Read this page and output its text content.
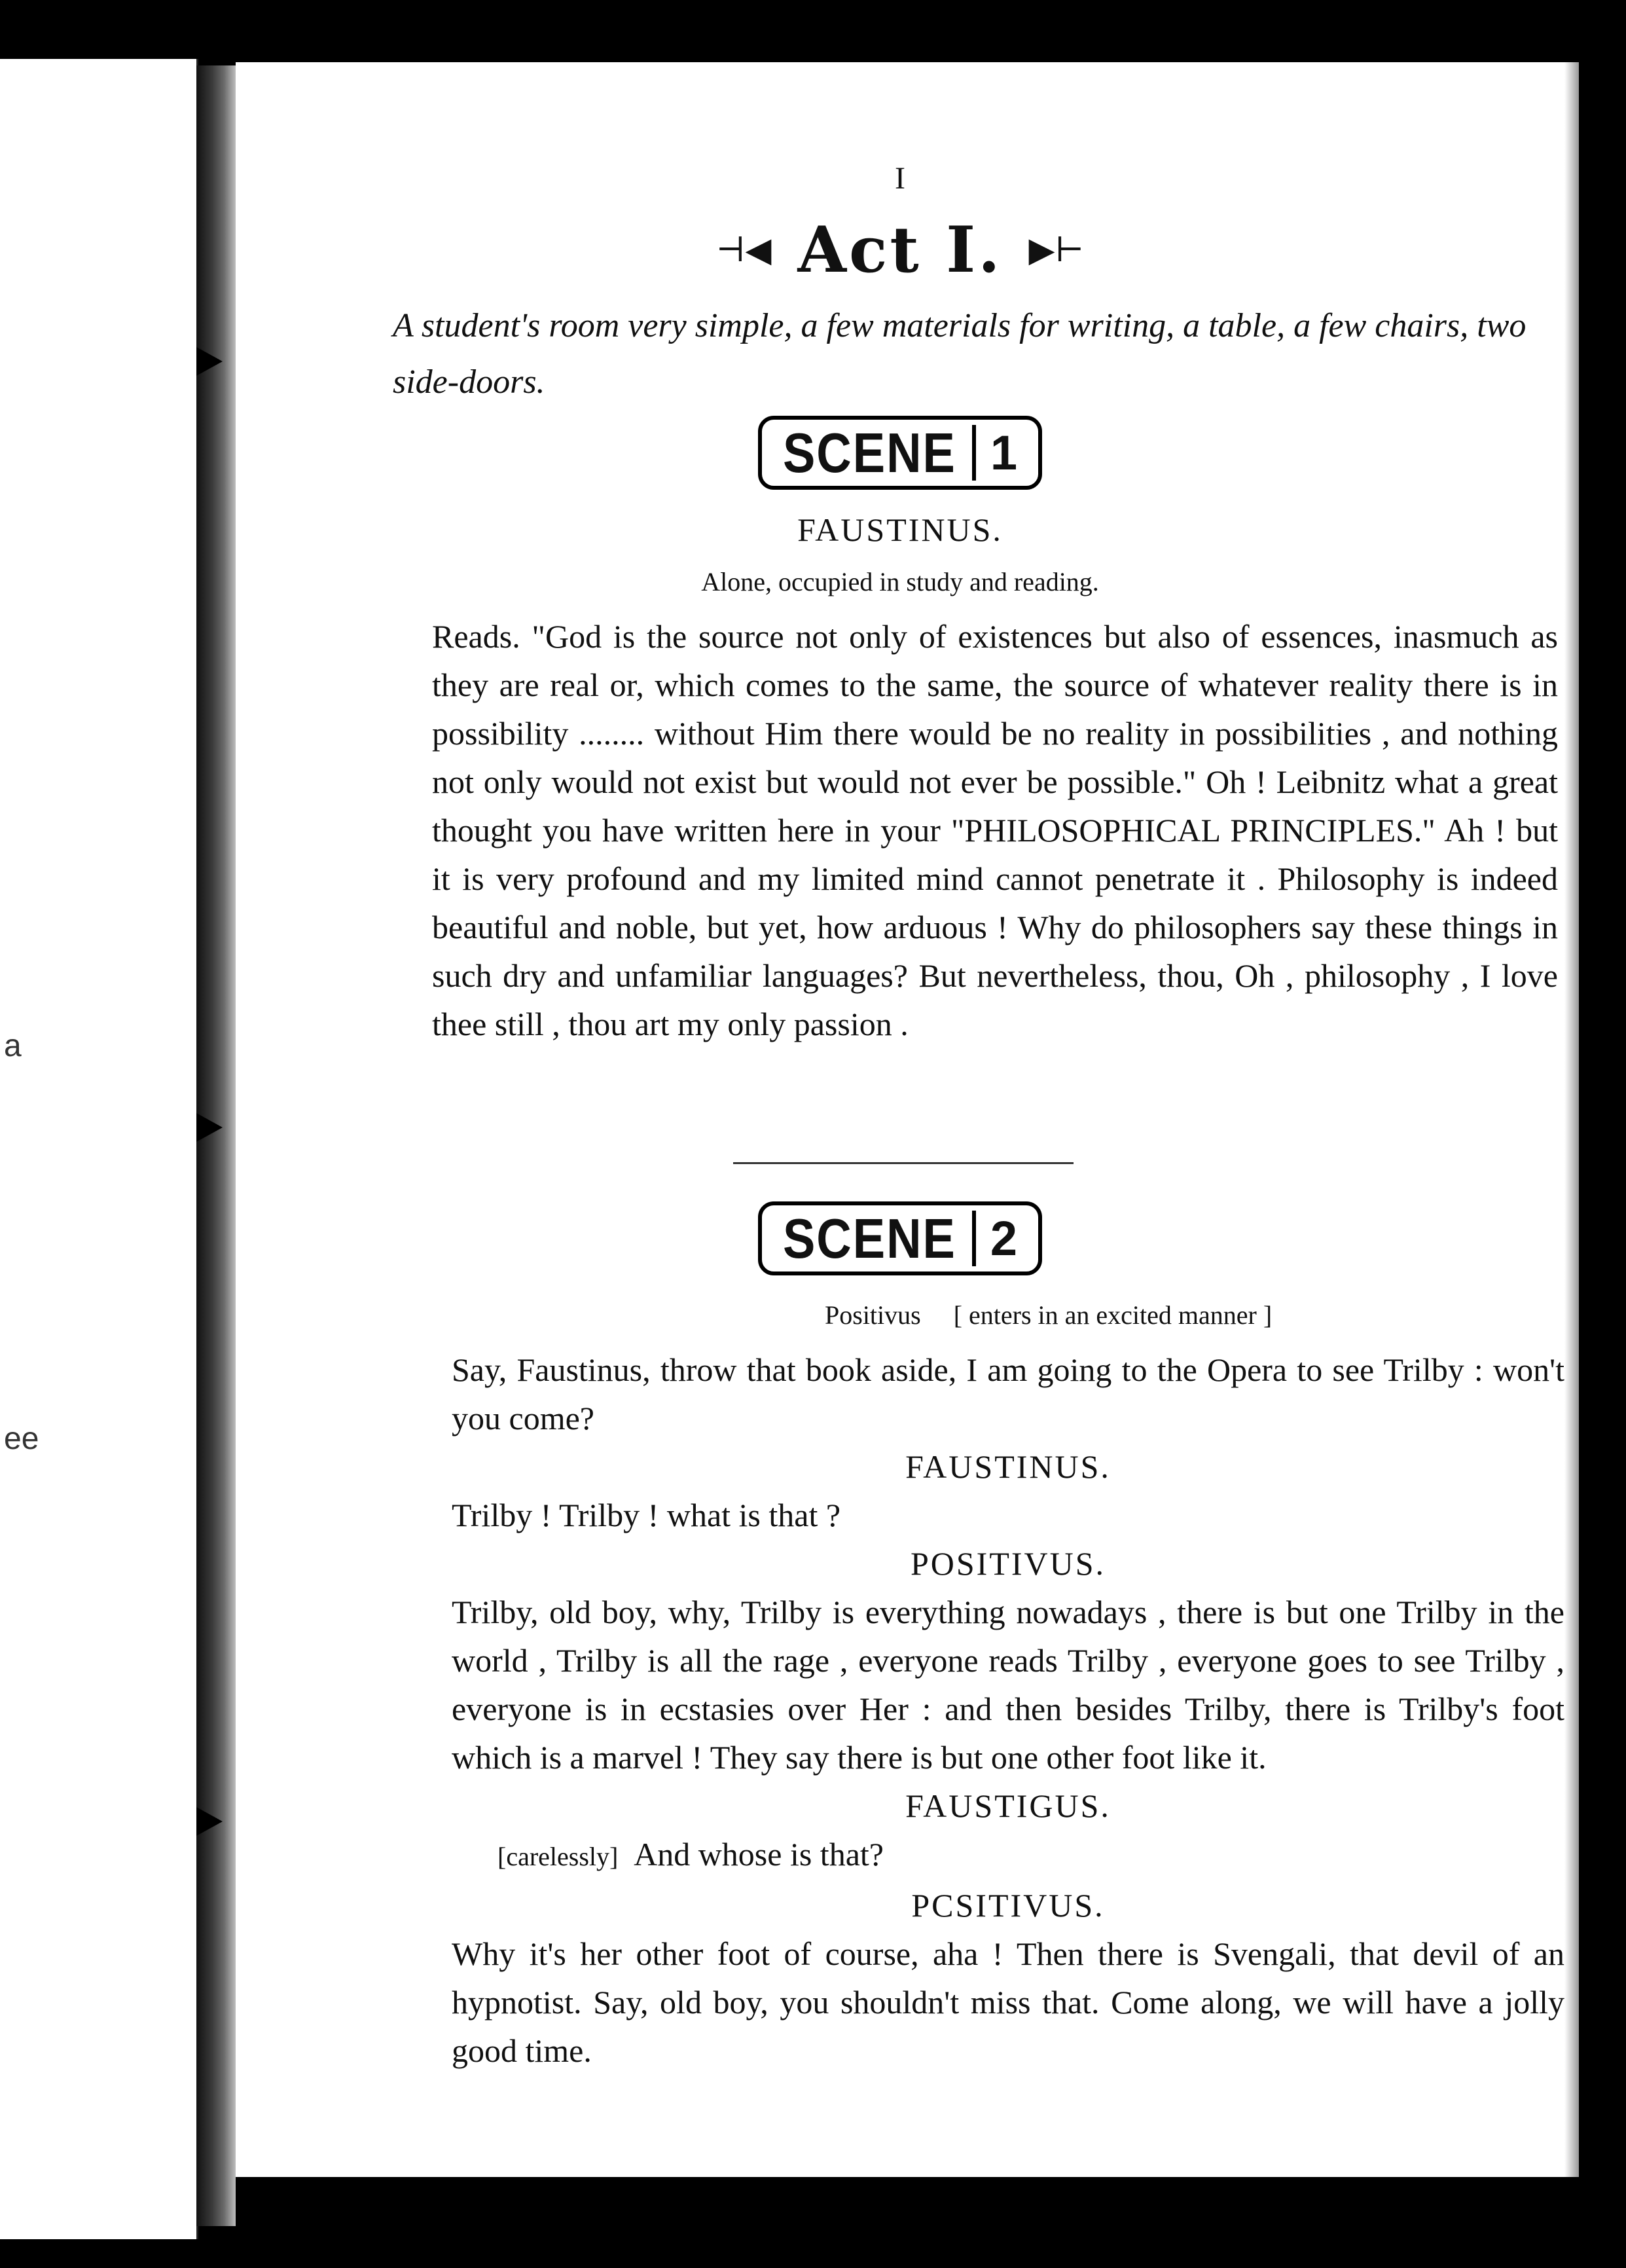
a
ee
I
⊣◀ Act I. ▶⊢
A student's room very simple, a few materials for writing, a table, a few chairs, two side-doors.
SCENE 1
FAUSTINUS.
Alone, occupied in study and reading.
Reads. "God is the source not only of existences but also of essences, inasmuch as they are real or, which comes to the same, the source of whatever reality there is in possibility ........ without Him there would be no reality in possibilities , and nothing not only would not exist but would not ever be possible." Oh ! Leibnitz what a great thought you have written here in your "PHILOSOPHICAL PRINCIPLES." Ah ! but it is very profound and my limited mind cannot penetrate it . Philosophy is indeed beautiful and noble, but yet, how arduous ! Why do philosophers say these things in such dry and unfamiliar languages? But nevertheless, thou, Oh , philosophy , I love thee still , thou art my only passion .
SCENE 2
Positivus [ enters in an excited manner ]
Say, Faustinus, throw that book aside, I am going to the Opera to see Trilby : won't you come?
FAUSTINUS.
Trilby ! Trilby ! what is that ?
POSITIVUS.
Trilby, old boy, why, Trilby is everything nowadays , there is but one Trilby in the world , Trilby is all the rage , everyone reads Trilby , everyone goes to see Trilby , everyone is in ecstasies over Her : and then besides Trilby, there is Trilby's foot which is a marvel ! They say there is but one other foot like it.
FAUSTIGUS.
[carelessly] And whose is that?
PCSITIVUS.
Why it's her other foot of course, aha ! Then there is Svengali, that devil of an hypnotist. Say, old boy, you shouldn't miss that. Come along, we will have a jolly good time.
